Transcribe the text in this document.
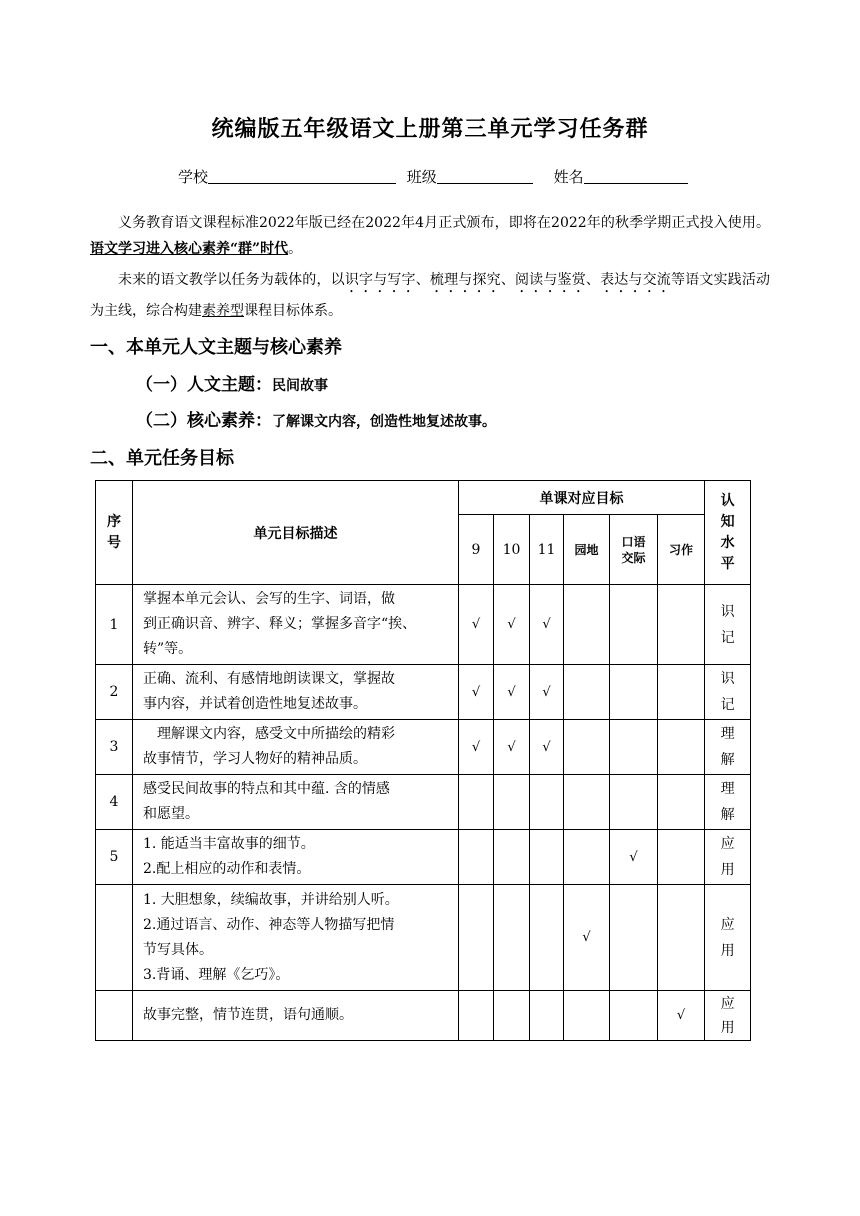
统编版五年级语文上册第三单元学习任务群
学校	班级	姓名
义务教育语文课程标准2022年版已经在2022年4月正式颁布，即将在2022年的秋季学期正式投入使用。语文学习进入核心素养“群”时代。
未来的语文教学以任务为载体的，以识字与写字、梳理与探究、阅读与鉴赏、表达与交流等语文实践活动为主线，综合构建素养型课程目标体系。
一、本单元人文主题与核心素养
（一）人文主题：民间故事
（二）核心素养：了解课文内容，创造性地复述故事。
二、单元任务目标
序号	单元目标描述	单课对应目标						认知水平

		9	10	11	园地	口语交际	习作	
1	掌握本单元会认、会写的生字、词语，做
到正确识音、辨字、释义；掌握多音字“挨、
转”等。	√	√	√				识记

2	正确、流利、有感情地朗读课文，掌握故
事内容，并试着创造性地复述故事。	√	√	√				识记

3	　理解课文内容，感受文中所描绘的精彩
故事情节，学习人物好的精神品质。	√	√	√				理解

4	感受民间故事的特点和其中蕴. 含的情感
和愿望。							理解

5	1. 能适当丰富故事的细节。
2.配上相应的动作和表情。					√		应用

	1. 大胆想象，续编故事，并讲给别人听。
2.通过语言、动作、神态等人物描写把情
节写具体。
3.背诵、理解《乞巧》。				√			应用

	故事完整，情节连贯，语句通顺。						√	应用
